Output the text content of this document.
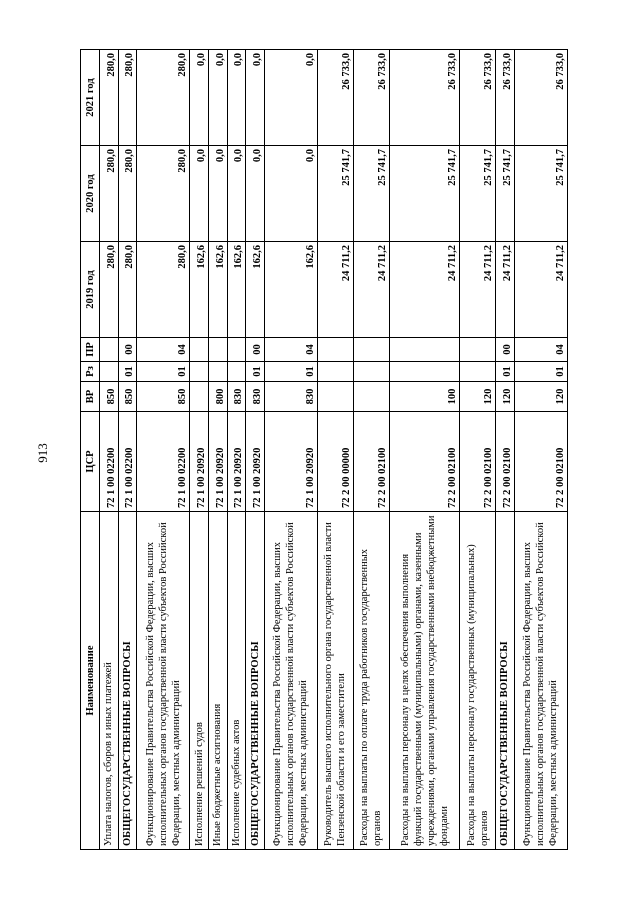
913
Наименование	ЦСР	ВР	Рз	ПР	2019 год	2020 год	2021 год
Уплата налогов, сборов и иных платежей	72 1 00 02200	850			280,0	280,0	280,0
ОБЩЕГОСУДАРСТВЕННЫЕ ВОПРОСЫ	72 1 00 02200	850	01	00	280,0	280,0	280,0
Функционирование Правительства Российской Федерации, высших исполнительных органов государственной власти субъектов Российской Федерации, местных администраций	72 1 00 02200	850	01	04	280,0	280,0	280,0
Исполнение решений судов	72 1 00 20920				162,6	0,0	0,0
Иные бюджетные ассигнования	72 1 00 20920	800			162,6	0,0	0,0
Исполнение судебных актов	72 1 00 20920	830			162,6	0,0	0,0
ОБЩЕГОСУДАРСТВЕННЫЕ ВОПРОСЫ	72 1 00 20920	830	01	00	162,6	0,0	0,0
Функционирование Правительства Российской Федерации, высших исполнительных органов государственной власти субъектов Российской Федерации, местных администраций	72 1 00 20920	830	01	04	162,6	0,0	0,0
Руководитель высшего исполнительного органа государственной власти Пензенской области и его заместители	72 2 00 00000				24 711,2	25 741,7	26 733,0
Расходы на выплаты по оплате труда работников государственных органов	72 2 00 02100				24 711,2	25 741,7	26 733,0
Расходы на выплаты персоналу в целях обеспечения выполнения функций государственными (муниципальными) органами, казенными учреждениями, органами управления государственными внебюджетными фондами	72 2 00 02100	100			24 711,2	25 741,7	26 733,0
Расходы на выплаты персоналу государственных (муниципальных) органов	72 2 00 02100	120			24 711,2	25 741,7	26 733,0
ОБЩЕГОСУДАРСТВЕННЫЕ ВОПРОСЫ	72 2 00 02100	120	01	00	24 711,2	25 741,7	26 733,0
Функционирование Правительства Российской Федерации, высших исполнительных органов государственной власти субъектов Российской Федерации, местных администраций	72 2 00 02100	120	01	04	24 711,2	25 741,7	26 733,0
